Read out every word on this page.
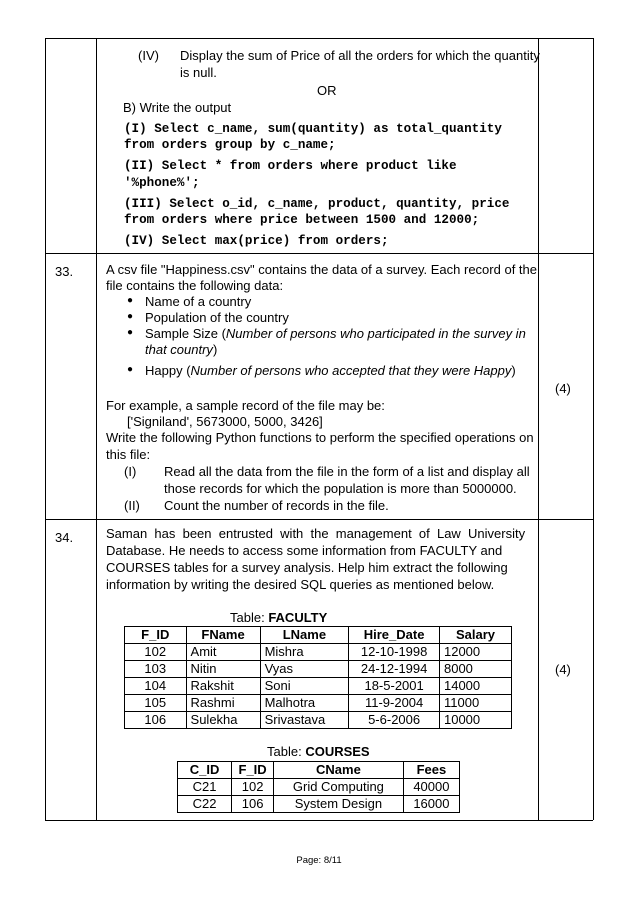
(IV) Display the sum of Price of all the orders for which the quantity
is null.
OR
B) Write the output
(I) Select c_name, sum(quantity) as total_quantity
from orders group by c_name;
(II) Select * from orders where product like
'%phone%';
(III) Select o_id, c_name, product, quantity, price
from orders where price between 1500 and 12000;
(IV) Select max(price) from orders;
33.	A csv file "Happiness.csv" contains the data of a survey. Each record of the
file contains the following data:
● Name of a country
● Population of the country
● Sample Size (Number of persons who participated in the survey in
that country)
● Happy (Number of persons who accepted that they were Happy)
For example, a sample record of the file may be:
['Signiland', 5673000, 5000, 3426]
Write the following Python functions to perform the specified operations on
this file:
(I) Read all the data from the file in the form of a list and display all
those records for which the population is more than 5000000.
(II) Count the number of records in the file.
(4)
34.	Saman  has  been  entrusted  with  the  management  of  Law  University
Database. He needs to access some information from FACULTY and
COURSES tables for a survey analysis. Help him extract the following
information by writing the desired SQL queries as mentioned below.
Table: FACULTY
F_ID	FName	LName	Hire_Date	Salary
102	Amit	Mishra	12-10-1998	12000
103	Nitin	Vyas	24-12-1994	8000
104	Rakshit	Soni	18-5-2001	14000
105	Rashmi	Malhotra	11-9-2004	11000
106	Sulekha	Srivastava	5-6-2006	10000
Table: COURSES
C_ID	F_ID	CName	Fees
C21	102	Grid Computing	40000
C22	106	System Design	16000
(4)
Page: 8/11
